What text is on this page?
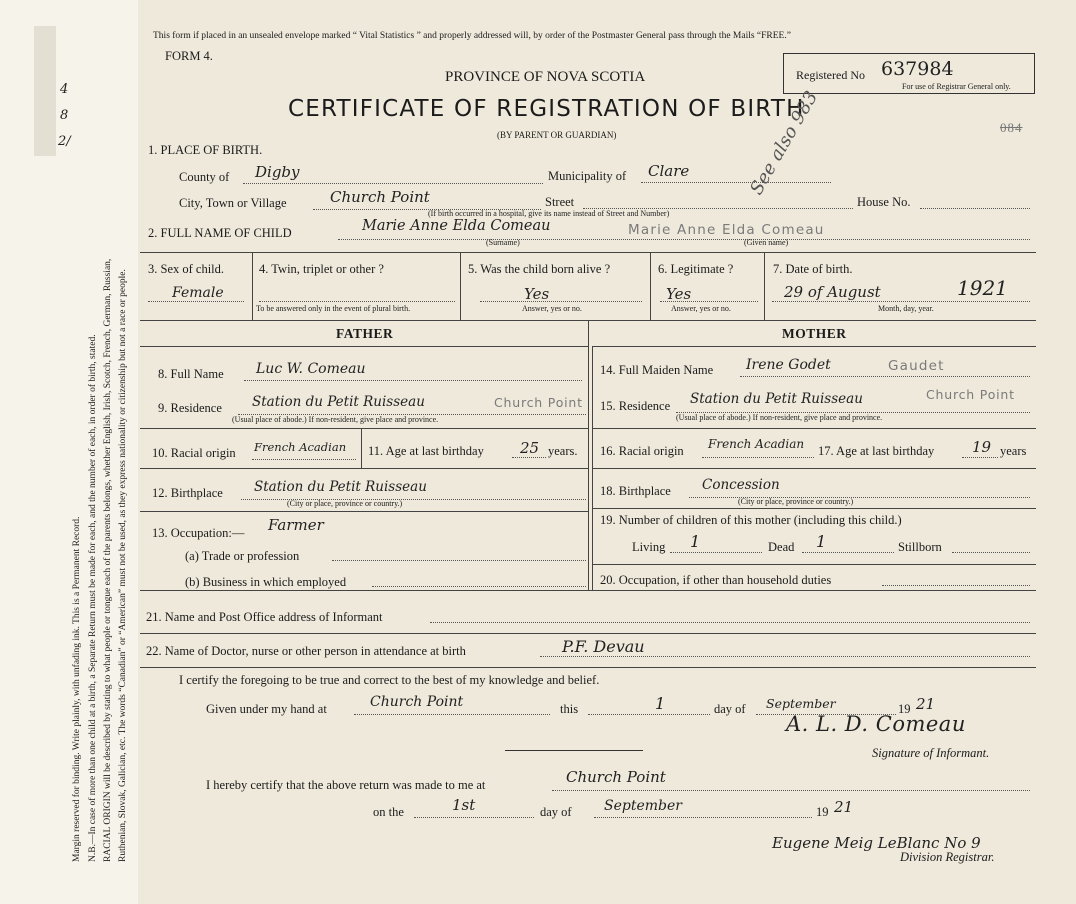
4
8
2/
Margin reserved for binding. Write plainly, with unfading ink. This is a Permanent Record. N.B.—In case of more than one child at a birth, a Separate Return must be made for each, and the number of each, in order of birth, stated. RACIAL ORIGIN will be described by stating to what people or tongue each of the parents belongs, whether English, Irish, Scotch, French, German, Russian, Ruthenian, Slovak, Galician, etc. The words “Canadian” or “American” must not be used, as they express nationality or citizenship but not a race or people.
This form if placed in an unsealed envelope marked “ Vital Statistics ” and properly addressed will, by order of the Postmaster General pass through the Mails “FREE.”
FORM 4.
PROVINCE OF NOVA SCOTIA
CERTIFICATE OF REGISTRATION OF BIRTH
(BY PARENT OR GUARDIAN)
Registered No 637984
For use of Registrar General only.
084
See also 983
1. PLACE OF BIRTH.
County of Digby	Municipality of Clare
City, Town or Village	Church Point	Street	House No.
(If birth occurred in a hospital, give its name instead of Street and Number)
2. FULL NAME OF CHILD	Marie Anne Elda Comeau	Marie Anne Elda Comeau
(Surname)	(Given name)
3. Sex of child.
Female
4. Twin, triplet or other ?
To be answered only in the event of plural birth.
5. Was the child born alive ?
Yes
Answer, yes or no.
6. Legitimate ?
Yes
Answer, yes or no.
7. Date of birth.
29 of August	1921
Month, day, year.
FATHER	MOTHER
8. Full Name Luc W. Comeau
9. Residence Station du Petit Ruisseau	Church Point
(Usual place of abode.) If non-resident, give place and province.
10. Racial origin French Acadian 11. Age at last birthday 25 years.
12. Birthplace Station du Petit Ruisseau
(City or place, province or country.)
13. Occupation:— Farmer
(a) Trade or profession
(b) Business in which employed
14. Full Maiden Name Irene Godet	Gaudet
15. Residence Station du Petit Ruisseau	Church Point
(Usual place of abode.) If non-resident, give place and province.
16. Racial origin French Acadian 17. Age at last birthday	19 years
18. Birthplace Concession
(City or place, province or country.)
19. Number of children of this mother (including this child.)
Living 1	Dead 1	Stillborn
20. Occupation, if other than household duties
21. Name and Post Office address of Informant
22. Name of Doctor, nurse or other person in attendance at birth	P.F. Devau
I certify the foregoing to be true and correct to the best of my knowledge and belief.
Given under my hand at	Church Point	this	1	day of September	19 21
A. L. D. Comeau
Signature of Informant.
I hereby certify that the above return was made to me at	Church Point
on the	1st	day of September	19 21
Eugene Meig LeBlanc No 9
Division Registrar.
